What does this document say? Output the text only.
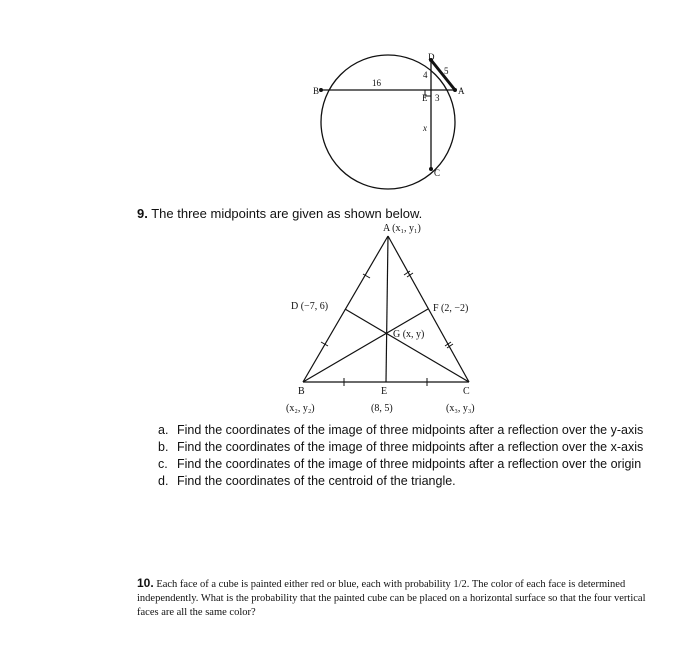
B
D
A
E
C
16
4 5
3
x
9. The three midpoints are given as shown below.
A (x₁, y₁)
D (−7, 6)	F (2, −2)
G (x, y)
B
(x₂, y₂)
E
(8, 5)
C
(x₃, y₃)
a. Find the coordinates of the image of three midpoints after a reflection over the y-axis
b. Find the coordinates of the image of three midpoints after a reflection over the x-axis
c. Find the coordinates of the image of three midpoints after a reflection over the origin
d. Find the coordinates of the centroid of the triangle.
10. Each face of a cube is painted either red or blue, each with probability 1/2. The color of each face is determined independently. What is the probability that the painted cube can be placed on a horizontal surface so that the four vertical faces are all the same color?
